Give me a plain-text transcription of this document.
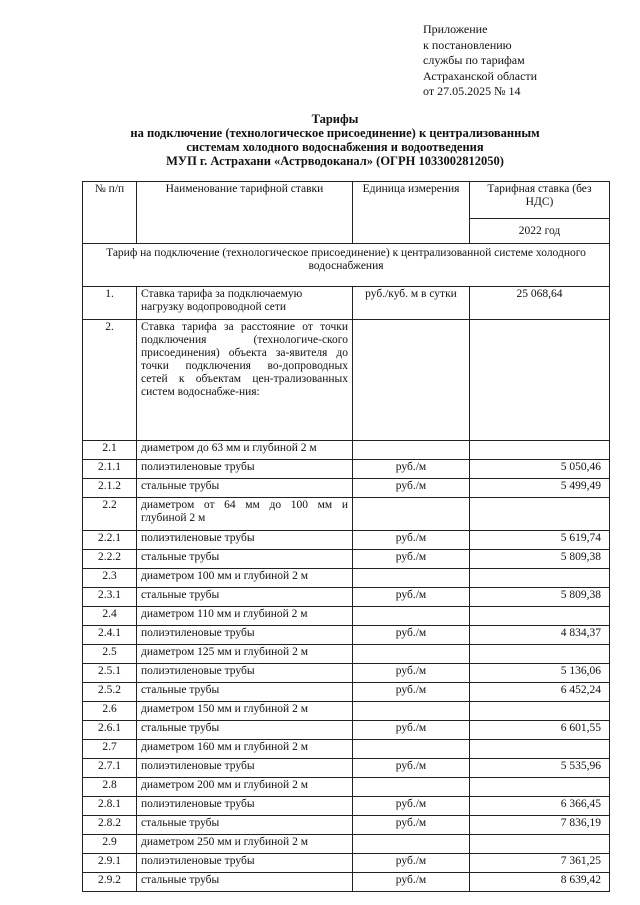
Приложение
к постановлению
службы по тарифам
Астраханской области
от 27.05.2025 № 14
Тарифы
на подключение (технологическое присоединение) к централизованным
системам холодного водоснабжения и водоотведения
МУП г. Астрахани «Астрводоканал» (ОГРН 1033002812050)
№ п/п	Наименование тарифной ставки	Единица измерения	Тарифная ставка (без НДС)
			2022 год
Тариф на подключение (технологическое присоединение) к централизованной системе холодного водоснабжения			
1.	Ставка тарифа за подключаемую нагрузку водопроводной сети	руб./куб. м в сутки	25 068,64
2.	Ставка тарифа за расстояние от точки подключения (технологиче-ского присоединения) объекта за-явителя до точки подключения во-допроводных сетей к объектам цен-трализованных систем водоснабже-ния:		
2.1	диаметром до 63 мм и глубиной 2 м		
2.1.1	полиэтиленовые трубы	руб./м	5 050,46
2.1.2	стальные трубы	руб./м	5 499,49
2.2	диаметром от 64 мм до 100 мм и глубиной 2 м		
2.2.1	полиэтиленовые трубы	руб./м	5 619,74
2.2.2	стальные трубы	руб./м	5 809,38
2.3	диаметром 100 мм и глубиной 2 м		
2.3.1	стальные трубы	руб./м	5 809,38
2.4	диаметром 110 мм и глубиной 2 м		
2.4.1	полиэтиленовые трубы	руб./м	4 834,37
2.5	диаметром 125 мм и глубиной 2 м		
2.5.1	полиэтиленовые трубы	руб./м	5 136,06
2.5.2	стальные трубы	руб./м	6 452,24
2.6	диаметром 150 мм и глубиной 2 м		
2.6.1	стальные трубы	руб./м	6 601,55
2.7	диаметром 160 мм и глубиной 2 м		
2.7.1	полиэтиленовые трубы	руб./м	5 535,96
2.8	диаметром 200 мм и глубиной 2 м		
2.8.1	полиэтиленовые трубы	руб./м	6 366,45
2.8.2	стальные трубы	руб./м	7 836,19
2.9	диаметром 250 мм и глубиной 2 м		
2.9.1	полиэтиленовые трубы	руб./м	7 361,25
2.9.2	стальные трубы	руб./м	8 639,42
